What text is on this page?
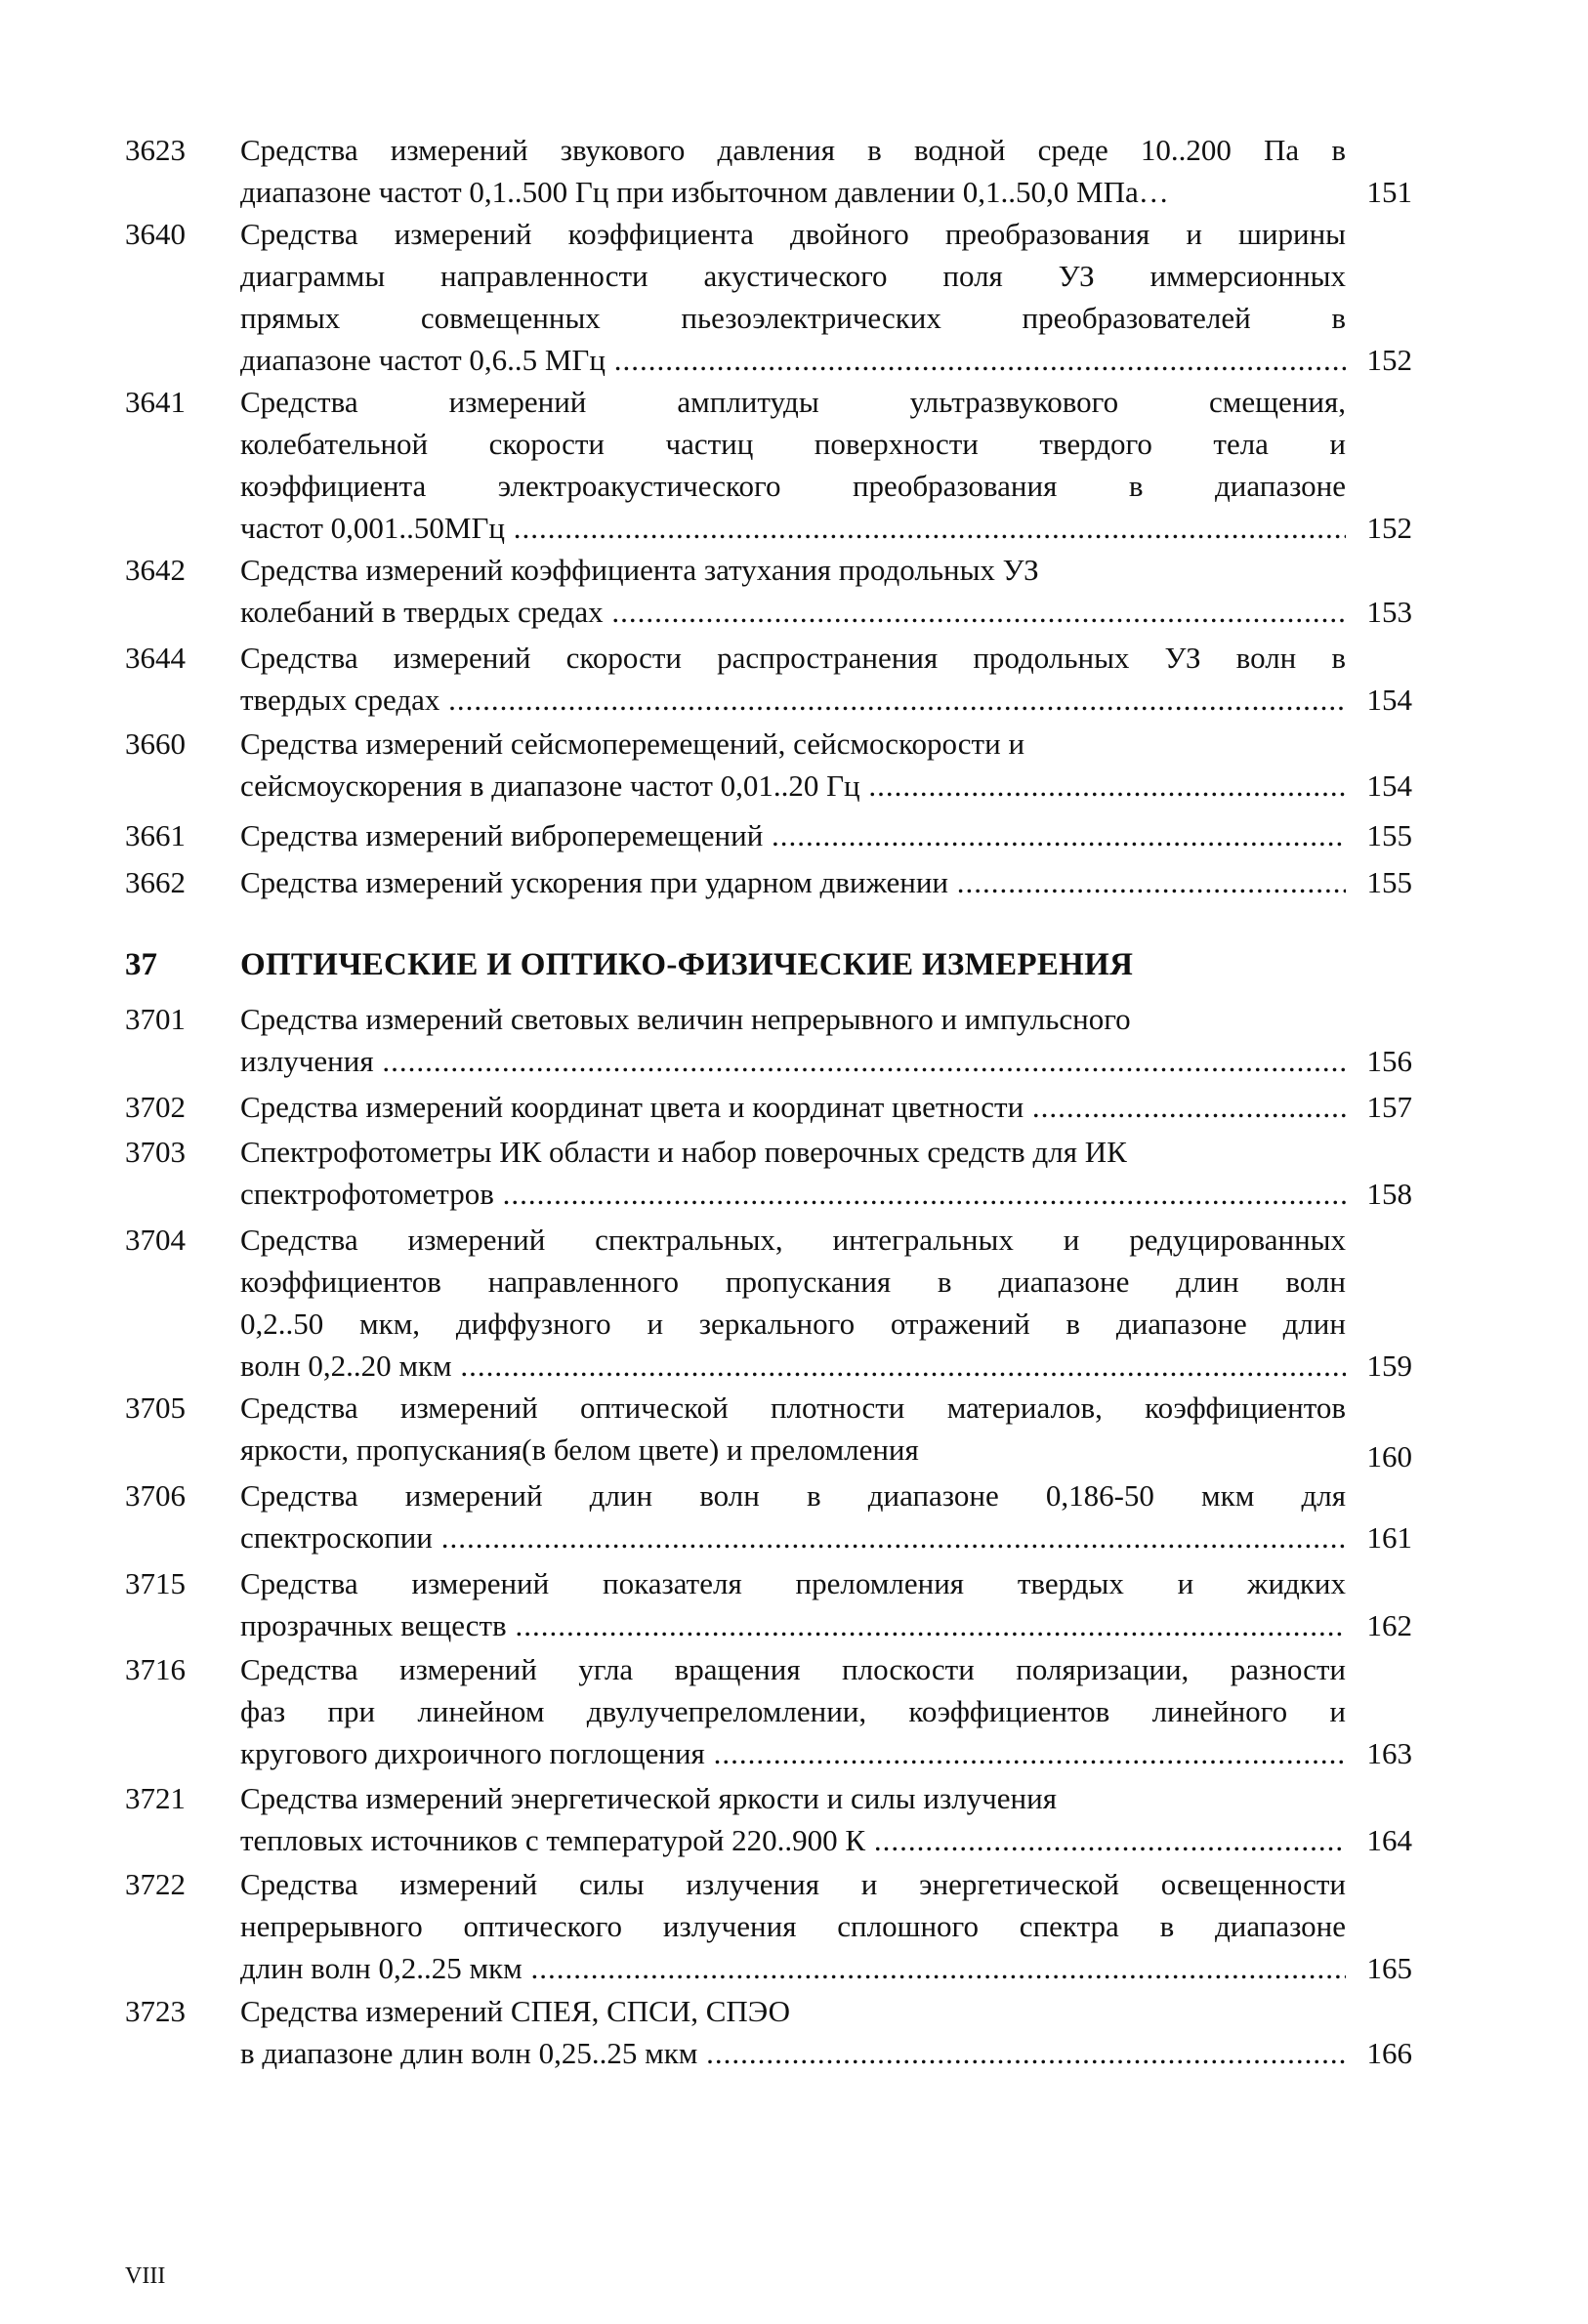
3623	Средства измерений звукового давления в водной среде 10..200 Па в
диапазоне частот 0,1..500 Гц при избыточном давлении 0,1..50,0 МПа…	151
3640	Средства измерений коэффициента двойного преобразования и ширины
диаграммы направленности акустического поля УЗ иммерсионных
прямых совмещенных пьезоэлектрических преобразователей в
диапазоне частот 0,6..5 МГц .....	152
3641	Средства измерений амплитуды ультразвукового смещения,
колебательной скорости частиц поверхности твердого тела и
коэффициента электроакустического преобразования в диапазоне
частот 0,001..50МГц .....	152
3642	Средства измерений коэффициента затухания продольных УЗ
колебаний в твердых средах .....	153
3644	Средства измерений скорости распространения продольных УЗ волн в
твердых средах .....	154
3660	Средства измерений сейсмоперемещений, сейсмоскорости и
сейсмоускорения в диапазоне частот 0,01..20 Гц .....	154
3661	Средства измерений виброперемещений .....	155
3662	Средства измерений ускорения при ударном движении .....	155
37	ОПТИЧЕСКИЕ И ОПТИКО-ФИЗИЧЕСКИЕ ИЗМЕРЕНИЯ
3701	Средства измерений световых величин непрерывного и импульсного
излучения .....	156
3702	Средства измерений координат цвета и координат цветности .....	157
3703	Спектрофотометры ИК области и набор поверочных средств для ИК
спектрофотометров .....	158
3704	Средства измерений спектральных, интегральных и редуцированных
коэффициентов направленного пропускания в диапазоне длин волн
0,2..50 мкм, диффузного и зеркального отражений в диапазоне длин
волн 0,2..20 мкм .....	159
3705	Средства измерений оптической плотности материалов, коэффициентов
яркости, пропускания(в белом цвете) и преломления	160
3706	Средства измерений длин волн в диапазоне 0,186-50 мкм для
спектроскопии .....	161
3715	Средства измерений показателя преломления твердых и жидких
прозрачных веществ .....	162
3716	Средства измерений угла вращения плоскости поляризации, разности
фаз при линейном двулучепреломлении, коэффициентов линейного и
кругового дихроичного поглощения .....	163
3721	Средства измерений энергетической яркости и силы излучения
тепловых источников с температурой 220..900 К .....	164
3722	Средства измерений силы излучения и энергетической освещенности
непрерывного оптического излучения сплошного спектра в диапазоне
длин волн 0,2..25 мкм .....	165
3723	Средства измерений СПЕЯ, СПСИ, СПЭО
в диапазоне длин волн 0,25..25 мкм .....	166
VIII
